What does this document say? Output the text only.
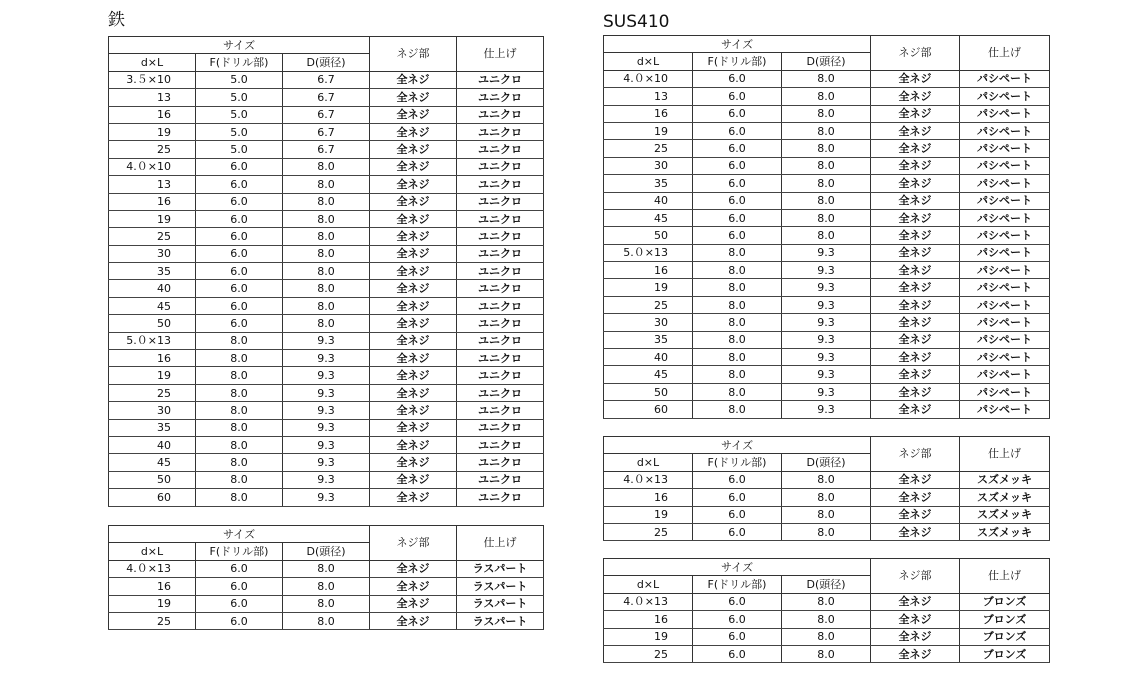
鉄	SUS410
サイズ			ネジ部	仕上げ
d×L	F(ドリル部)	D(頭径)		
3.５×10	5.0	6.7	全ネジ	ユニクロ
13	5.0	6.7	全ネジ	ユニクロ
16	5.0	6.7	全ネジ	ユニクロ
19	5.0	6.7	全ネジ	ユニクロ
25	5.0	6.7	全ネジ	ユニクロ
4.０×10	6.0	8.0	全ネジ	ユニクロ
13	6.0	8.0	全ネジ	ユニクロ
16	6.0	8.0	全ネジ	ユニクロ
19	6.0	8.0	全ネジ	ユニクロ
25	6.0	8.0	全ネジ	ユニクロ
30	6.0	8.0	全ネジ	ユニクロ
35	6.0	8.0	全ネジ	ユニクロ
40	6.0	8.0	全ネジ	ユニクロ
45	6.0	8.0	全ネジ	ユニクロ
50	6.0	8.0	全ネジ	ユニクロ
5.０×13	8.0	9.3	全ネジ	ユニクロ
16	8.0	9.3	全ネジ	ユニクロ
19	8.0	9.3	全ネジ	ユニクロ
25	8.0	9.3	全ネジ	ユニクロ
30	8.0	9.3	全ネジ	ユニクロ
35	8.0	9.3	全ネジ	ユニクロ
40	8.0	9.3	全ネジ	ユニクロ
45	8.0	9.3	全ネジ	ユニクロ
50	8.0	9.3	全ネジ	ユニクロ
60	8.0	9.3	全ネジ	ユニクロ
サイズ			ネジ部	仕上げ
d×L	F(ドリル部)	D(頭径)		
4.０×13	6.0	8.0	全ネジ	ラスパート
16	6.0	8.0	全ネジ	ラスパート
19	6.0	8.0	全ネジ	ラスパート
25	6.0	8.0	全ネジ	ラスパート
サイズ			ネジ部	仕上げ
d×L	F(ドリル部)	D(頭径)		
4.０×10	6.0	8.0	全ネジ	パシペート
13	6.0	8.0	全ネジ	パシペート
16	6.0	8.0	全ネジ	パシペート
19	6.0	8.0	全ネジ	パシペート
25	6.0	8.0	全ネジ	パシペート
30	6.0	8.0	全ネジ	パシペート
35	6.0	8.0	全ネジ	パシペート
40	6.0	8.0	全ネジ	パシペート
45	6.0	8.0	全ネジ	パシペート
50	6.0	8.0	全ネジ	パシペート
5.０×13	8.0	9.3	全ネジ	パシペート
16	8.0	9.3	全ネジ	パシペート
19	8.0	9.3	全ネジ	パシペート
25	8.0	9.3	全ネジ	パシペート
30	8.0	9.3	全ネジ	パシペート
35	8.0	9.3	全ネジ	パシペート
40	8.0	9.3	全ネジ	パシペート
45	8.0	9.3	全ネジ	パシペート
50	8.0	9.3	全ネジ	パシペート
60	8.0	9.3	全ネジ	パシペート
サイズ			ネジ部	仕上げ
d×L	F(ドリル部)	D(頭径)		
4.０×13	6.0	8.0	全ネジ	スズメッキ
16	6.0	8.0	全ネジ	スズメッキ
19	6.0	8.0	全ネジ	スズメッキ
25	6.0	8.0	全ネジ	スズメッキ
サイズ			ネジ部	仕上げ
d×L	F(ドリル部)	D(頭径)		
4.０×13	6.0	8.0	全ネジ	ブロンズ
16	6.0	8.0	全ネジ	ブロンズ
19	6.0	8.0	全ネジ	ブロンズ
25	6.0	8.0	全ネジ	ブロンズ
